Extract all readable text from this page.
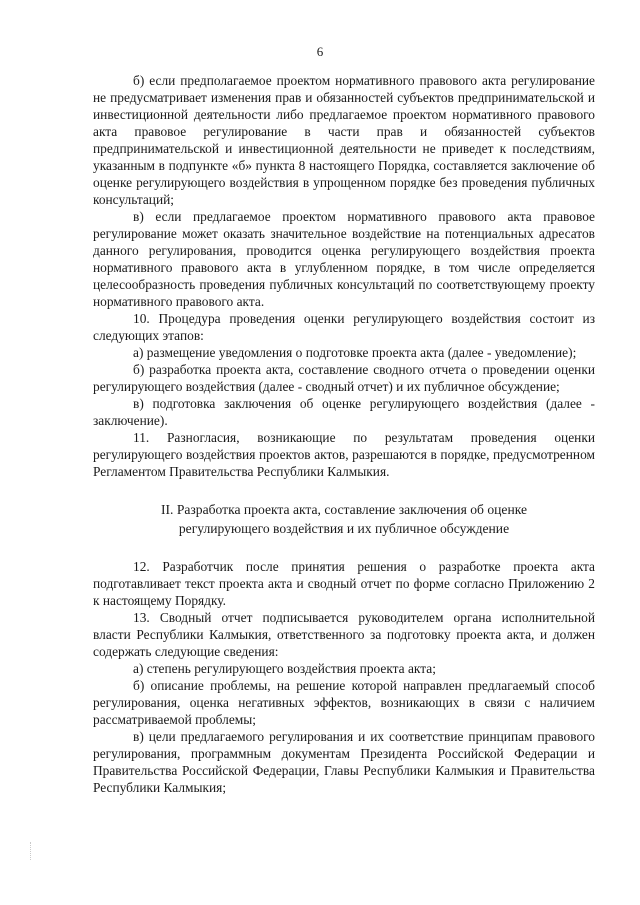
6

б) если предполагаемое проектом нормативного правового акта регулирование не предусматривает изменения прав и обязанностей субъектов предпринимательской и инвестиционной деятельности либо предлагаемое проектом нормативного правового акта правовое регулирование в части прав и обязанностей субъектов предпринимательской и инвестиционной деятельности не приведет к последствиям, указанным в подпункте «б» пункта 8 настоящего Порядка, составляется заключение об оценке регулирующего воздействия в упрощенном порядке без проведения публичных консультаций;

в) если предлагаемое проектом нормативного правового акта правовое регулирование может оказать значительное воздействие на потенциальных адресатов данного регулирования, проводится оценка регулирующего воздействия проекта нормативного правового акта в углубленном порядке, в том числе определяется целесообразность проведения публичных консультаций по соответствующему проекту нормативного правового акта.

10. Процедура проведения оценки регулирующего воздействия состоит из следующих этапов:

а) размещение уведомления о подготовке проекта акта (далее - уведомление);

б) разработка проекта акта, составление сводного отчета о проведении оценки регулирующего воздействия (далее - сводный отчет) и их публичное обсуждение;

в) подготовка заключения об оценке регулирующего воздействия (далее - заключение).

11. Разногласия, возникающие по результатам проведения оценки регулирующего воздействия проектов актов, разрешаются в порядке, предусмотренном Регламентом Правительства Республики Калмыкия.

II. Разработка проекта акта, составление заключения об оценке регулирующего воздействия и их публичное обсуждение

12. Разработчик после принятия решения о разработке проекта акта подготавливает текст проекта акта и сводный отчет по форме согласно Приложению 2 к настоящему Порядку.

13. Сводный отчет подписывается руководителем органа исполнительной власти Республики Калмыкия, ответственного за подготовку проекта акта, и должен содержать следующие сведения:

а) степень регулирующего воздействия проекта акта;

б) описание проблемы, на решение которой направлен предлагаемый способ регулирования, оценка негативных эффектов, возникающих в связи с наличием рассматриваемой проблемы;

в) цели предлагаемого регулирования и их соответствие принципам правового регулирования, программным документам Президента Российской Федерации и Правительства Российской Федерации, Главы Республики Калмыкия и Правительства Республики Калмыкия;
